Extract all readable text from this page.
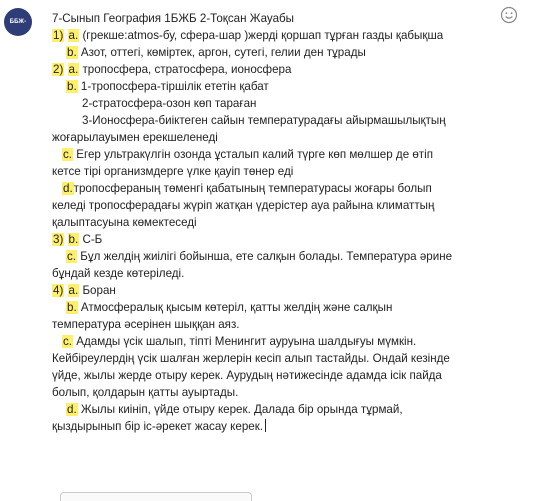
ББЖ-ТЖБ
7-Сынып География 1БЖБ 2-Тоқсан Жауабы
1) a. (грекше:atmos-бу, сфера-шар )жерді қоршап тұрған газды қабықша
b. Азот, оттегі, көміртек, аргон, сутегі, гелии ден тұрады
2) a. тропосфера, стратосфера, ионосфера
b. 1-тропосфера-тіршілік ететін қабат
2-стратосфера-озон көп тараған
3-Ионосфера-биіктеген сайын температурадағы айырмашылықтың
жоғарылауымен ерекшеленеді
c. Егер ультракүлгін озонда ұсталып калий түрге көп мөлшер де өтіп
кетсе тірі организмдерге үлке қауіп төнер еді
d.тропосфераның төменгі қабатының температурасы жоғары болып
келеді тропосферадағы жүріп жатқан үдерістер ауа райына климаттың
қалыптасуына көмектеседі
3) b. С-Б
c. Бұл желдің жиілігі бойынша, ете салқын болады. Температура әрине
бұндай кезде көтеріледі.
4) a. Боран
b. Атмосфералық қысым көтеріл, қатты желдің және салқын
температура әсерінен шыққан аяз.
c. Адамды үсік шалып, тіпті Менингит ауруына шалдығуы мүмкін.
Кейбіреулердің үсік шалған жерлерін кесіп алып тастайды. Ондай кезінде
үйде, жылы жерде отыру керек. Аурудың нәтижесінде адамда ісік пайда
болып, қолдарын қатты ауыртады.
d. Жылы киініп, үйде отыру керек. Далада бір орында тұрмай,
қыздырынып бір іс-әрекет жасау керек.
